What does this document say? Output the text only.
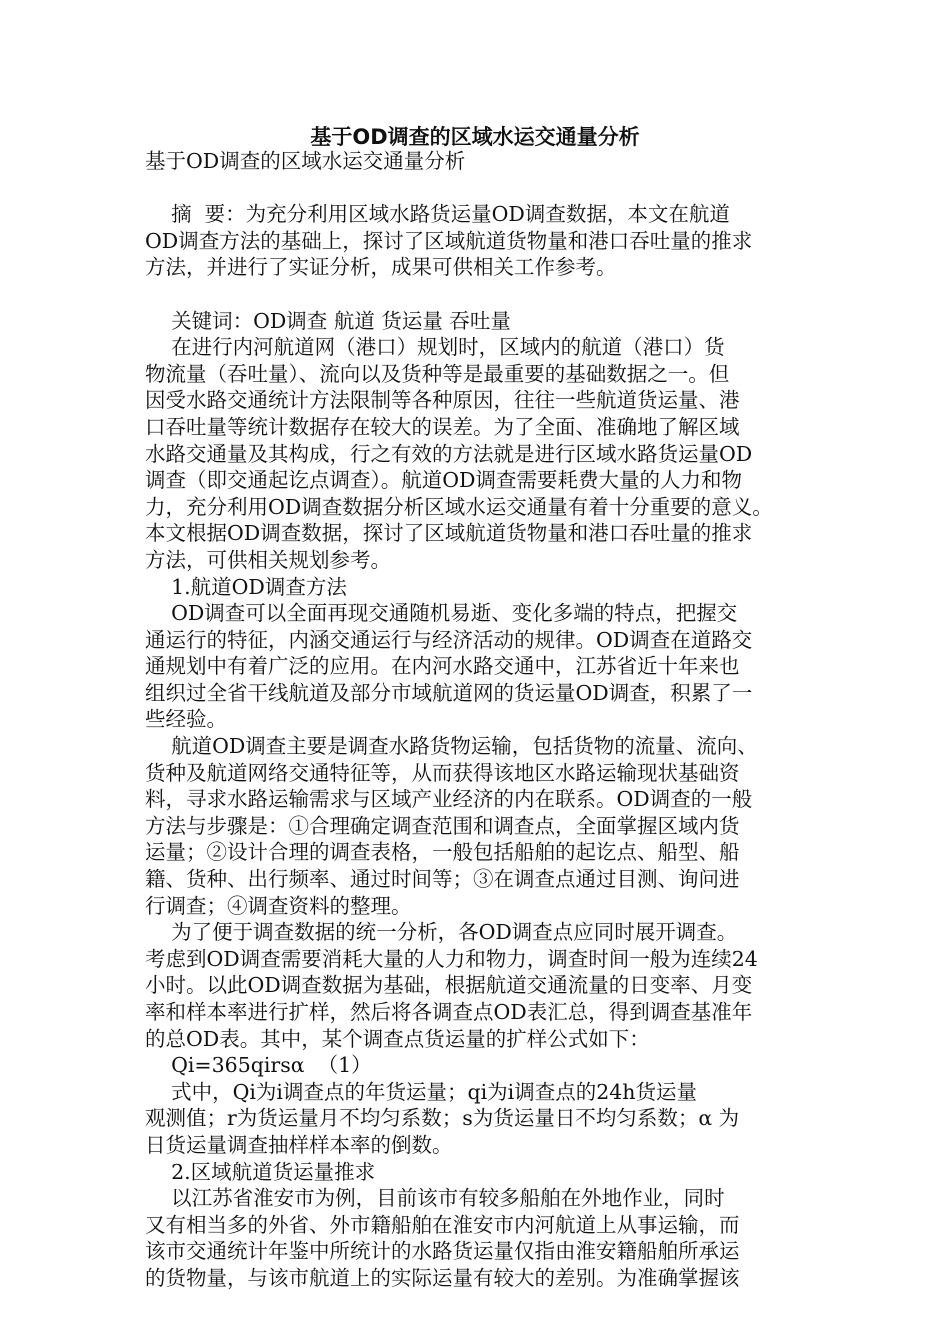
基于OD调查的区域水运交通量分析
基于OD调查的区域水运交通量分析
摘  要：为充分利用区域水路货运量OD调查数据，本文在航道
OD调查方法的基础上，探讨了区域航道货物量和港口吞吐量的推求
方法，并进行了实证分析，成果可供相关工作参考。
关键词：OD调查 航道 货运量 吞吐量
在进行内河航道网（港口）规划时，区域内的航道（港口）货
物流量（吞吐量）、流向以及货种等是最重要的基础数据之一。但
因受水路交通统计方法限制等各种原因，往往一些航道货运量、港
口吞吐量等统计数据存在较大的误差。为了全面、准确地了解区域
水路交通量及其构成，行之有效的方法就是进行区域水路货运量OD
调查（即交通起讫点调查）。航道OD调查需要耗费大量的人力和物
力，充分利用OD调查数据分析区域水运交通量有着十分重要的意义。
本文根据OD调查数据，探讨了区域航道货物量和港口吞吐量的推求
方法，可供相关规划参考。
1.航道OD调查方法
OD调查可以全面再现交通随机易逝、变化多端的特点，把握交
通运行的特征，内涵交通运行与经济活动的规律。OD调查在道路交
通规划中有着广泛的应用。在内河水路交通中，江苏省近十年来也
组织过全省干线航道及部分市域航道网的货运量OD调查，积累了一
些经验。
航道OD调查主要是调查水路货物运输，包括货物的流量、流向、
货种及航道网络交通特征等，从而获得该地区水路运输现状基础资
料，寻求水路运输需求与区域产业经济的内在联系。OD调查的一般
方法与步骤是：①合理确定调查范围和调查点，全面掌握区域内货
运量；②设计合理的调查表格，一般包括船舶的起讫点、船型、船
籍、货种、出行频率、通过时间等；③在调查点通过目测、询问进
行调查；④调查资料的整理。
为了便于调查数据的统一分析，各OD调查点应同时展开调查。
考虑到OD调查需要消耗大量的人力和物力，调查时间一般为连续24
小时。以此OD调查数据为基础，根据航道交通流量的日变率、月变
率和样本率进行扩样，然后将各调查点OD表汇总，得到调查基准年
的总OD表。其中，某个调查点货运量的扩样公式如下：
Qi=365qirsα  （1）
式中，Qi为i调查点的年货运量；qi为i调查点的24h货运量
观测值；r为货运量月不均匀系数；s为货运量日不均匀系数；α 为
日货运量调查抽样样本率的倒数。
2.区域航道货运量推求
以江苏省淮安市为例，目前该市有较多船舶在外地作业，同时
又有相当多的外省、外市籍船舶在淮安市内河航道上从事运输，而
该市交通统计年鉴中所统计的水路货运量仅指由淮安籍船舶所承运
的货物量，与该市航道上的实际运量有较大的差别。为准确掌握该
